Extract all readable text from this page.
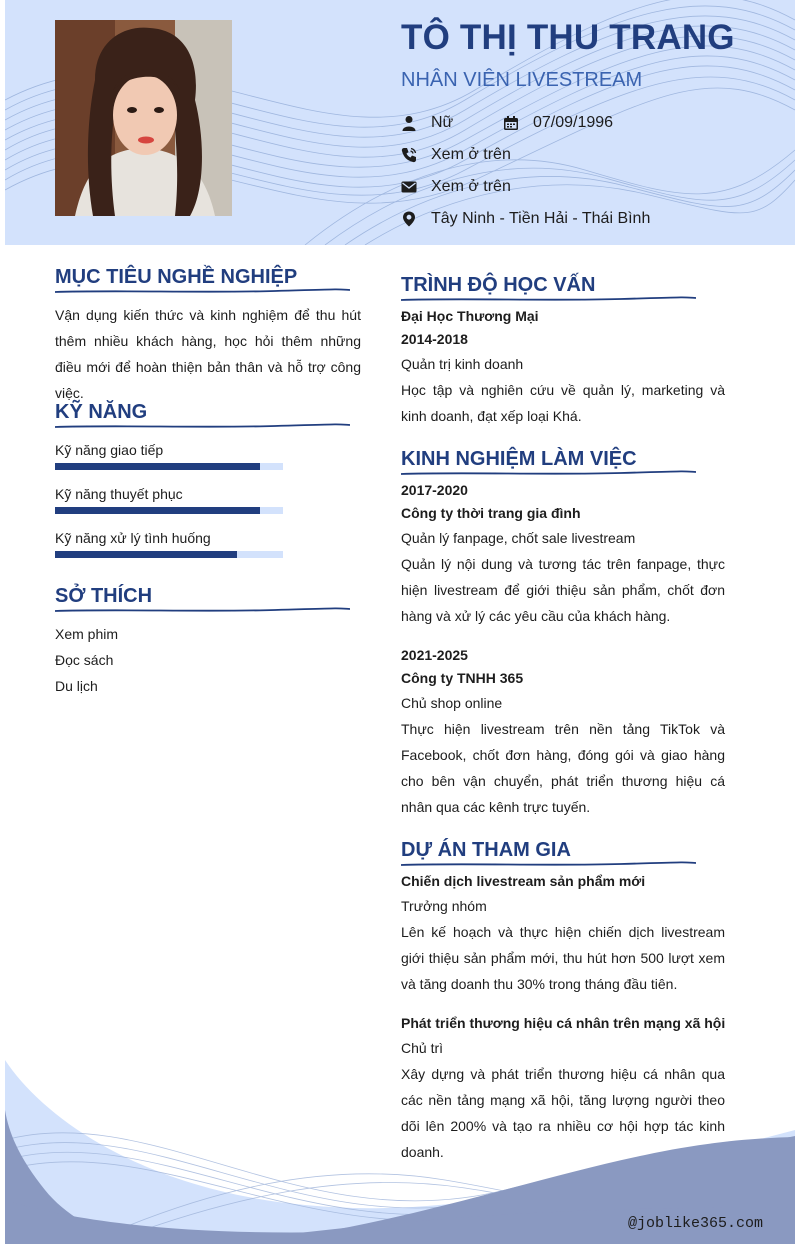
TÔ THỊ THU TRANG
NHÂN VIÊN LIVESTREAM
Nữ	07/09/1996
Xem ở trên
Xem ở trên
Tây Ninh - Tiền Hải - Thái Bình
MỤC TIÊU NGHỀ NGHIỆP
Vận dụng kiến thức và kinh nghiệm để thu hút thêm nhiều khách hàng, học hỏi thêm những điều mới để hoàn thiện bản thân và hỗ trợ công việc.
KỸ NĂNG
Kỹ năng giao tiếp
Kỹ năng thuyết phục
Kỹ năng xử lý tình huống
SỞ THÍCH
Xem phim
Đọc sách
Du lịch
TRÌNH ĐỘ HỌC VẤN
Đại Học Thương Mại
2014-2018
Quản trị kinh doanh
Học tập và nghiên cứu về quản lý, marketing và kinh doanh, đạt xếp loại Khá.
KINH NGHIỆM LÀM VIỆC
2017-2020
Công ty thời trang gia đình
Quản lý fanpage, chốt sale livestream
Quản lý nội dung và tương tác trên fanpage, thực hiện livestream để giới thiệu sản phẩm, chốt đơn hàng và xử lý các yêu cầu của khách hàng.
2021-2025
Công ty TNHH 365
Chủ shop online
Thực hiện livestream trên nền tảng TikTok và Facebook, chốt đơn hàng, đóng gói và giao hàng cho bên vận chuyển, phát triển thương hiệu cá nhân qua các kênh trực tuyến.
DỰ ÁN THAM GIA
Chiến dịch livestream sản phẩm mới
Trưởng nhóm
Lên kế hoạch và thực hiện chiến dịch livestream giới thiệu sản phẩm mới, thu hút hơn 500 lượt xem và tăng doanh thu 30% trong tháng đầu tiên.
Phát triển thương hiệu cá nhân trên mạng xã hội
Chủ trì
Xây dựng và phát triển thương hiệu cá nhân qua các nền tảng mạng xã hội, tăng lượng người theo dõi lên 200% và tạo ra nhiều cơ hội hợp tác kinh doanh.
@joblike365.com
